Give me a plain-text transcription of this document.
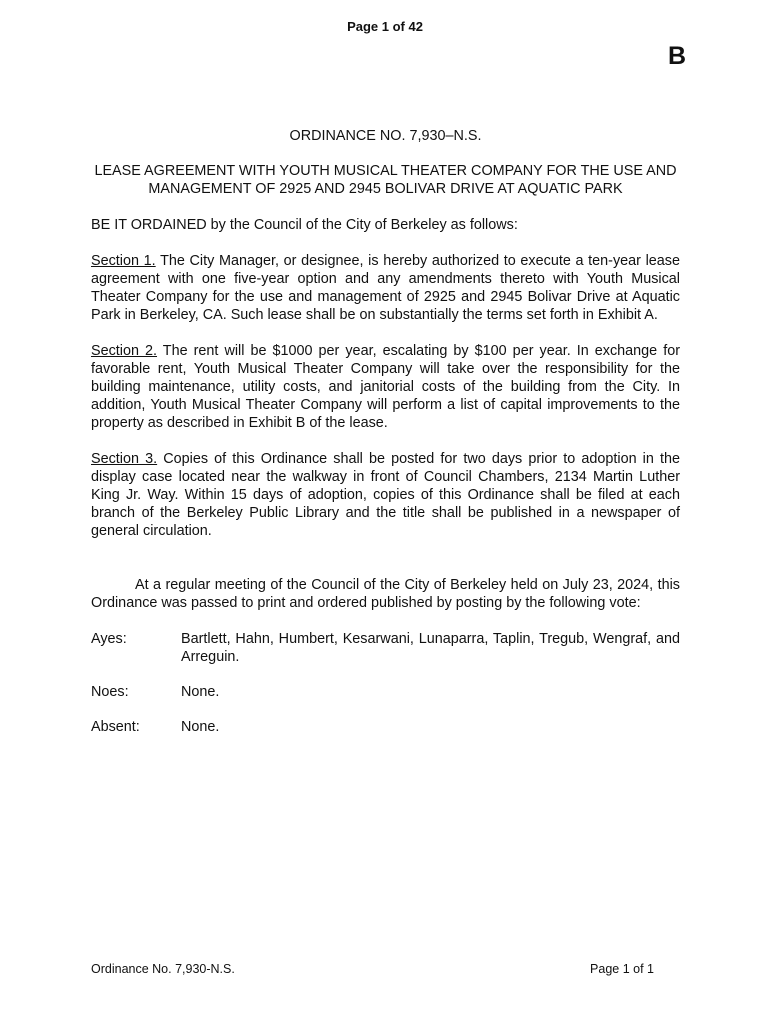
Page 1 of 42
B

ORDINANCE NO. 7,930–N.S.

LEASE AGREEMENT WITH YOUTH MUSICAL THEATER COMPANY FOR THE USE AND MANAGEMENT OF 2925 AND 2945 BOLIVAR DRIVE AT AQUATIC PARK

BE IT ORDAINED by the Council of the City of Berkeley as follows:

Section 1. The City Manager, or designee, is hereby authorized to execute a ten-year lease agreement with one five-year option and any amendments thereto with Youth Musical Theater Company for the use and management of 2925 and 2945 Bolivar Drive at Aquatic Park in Berkeley, CA. Such lease shall be on substantially the terms set forth in Exhibit A.

Section 2. The rent will be $1000 per year, escalating by $100 per year. In exchange for favorable rent, Youth Musical Theater Company will take over the responsibility for the building maintenance, utility costs, and janitorial costs of the building from the City. In addition, Youth Musical Theater Company will perform a list of capital improvements to the property as described in Exhibit B of the lease.

Section 3. Copies of this Ordinance shall be posted for two days prior to adoption in the display case located near the walkway in front of Council Chambers, 2134 Martin Luther King Jr. Way. Within 15 days of adoption, copies of this Ordinance shall be filed at each branch of the Berkeley Public Library and the title shall be published in a newspaper of general circulation.

At a regular meeting of the Council of the City of Berkeley held on July 23, 2024, this Ordinance was passed to print and ordered published by posting by the following vote:

Ayes:	Bartlett, Hahn, Humbert, Kesarwani, Lunaparra, Taplin, Tregub, Wengraf, and Arreguin.
Noes:	None.
Absent:	None.
Ordinance No. 7,930-N.S.	Page 1 of 1
